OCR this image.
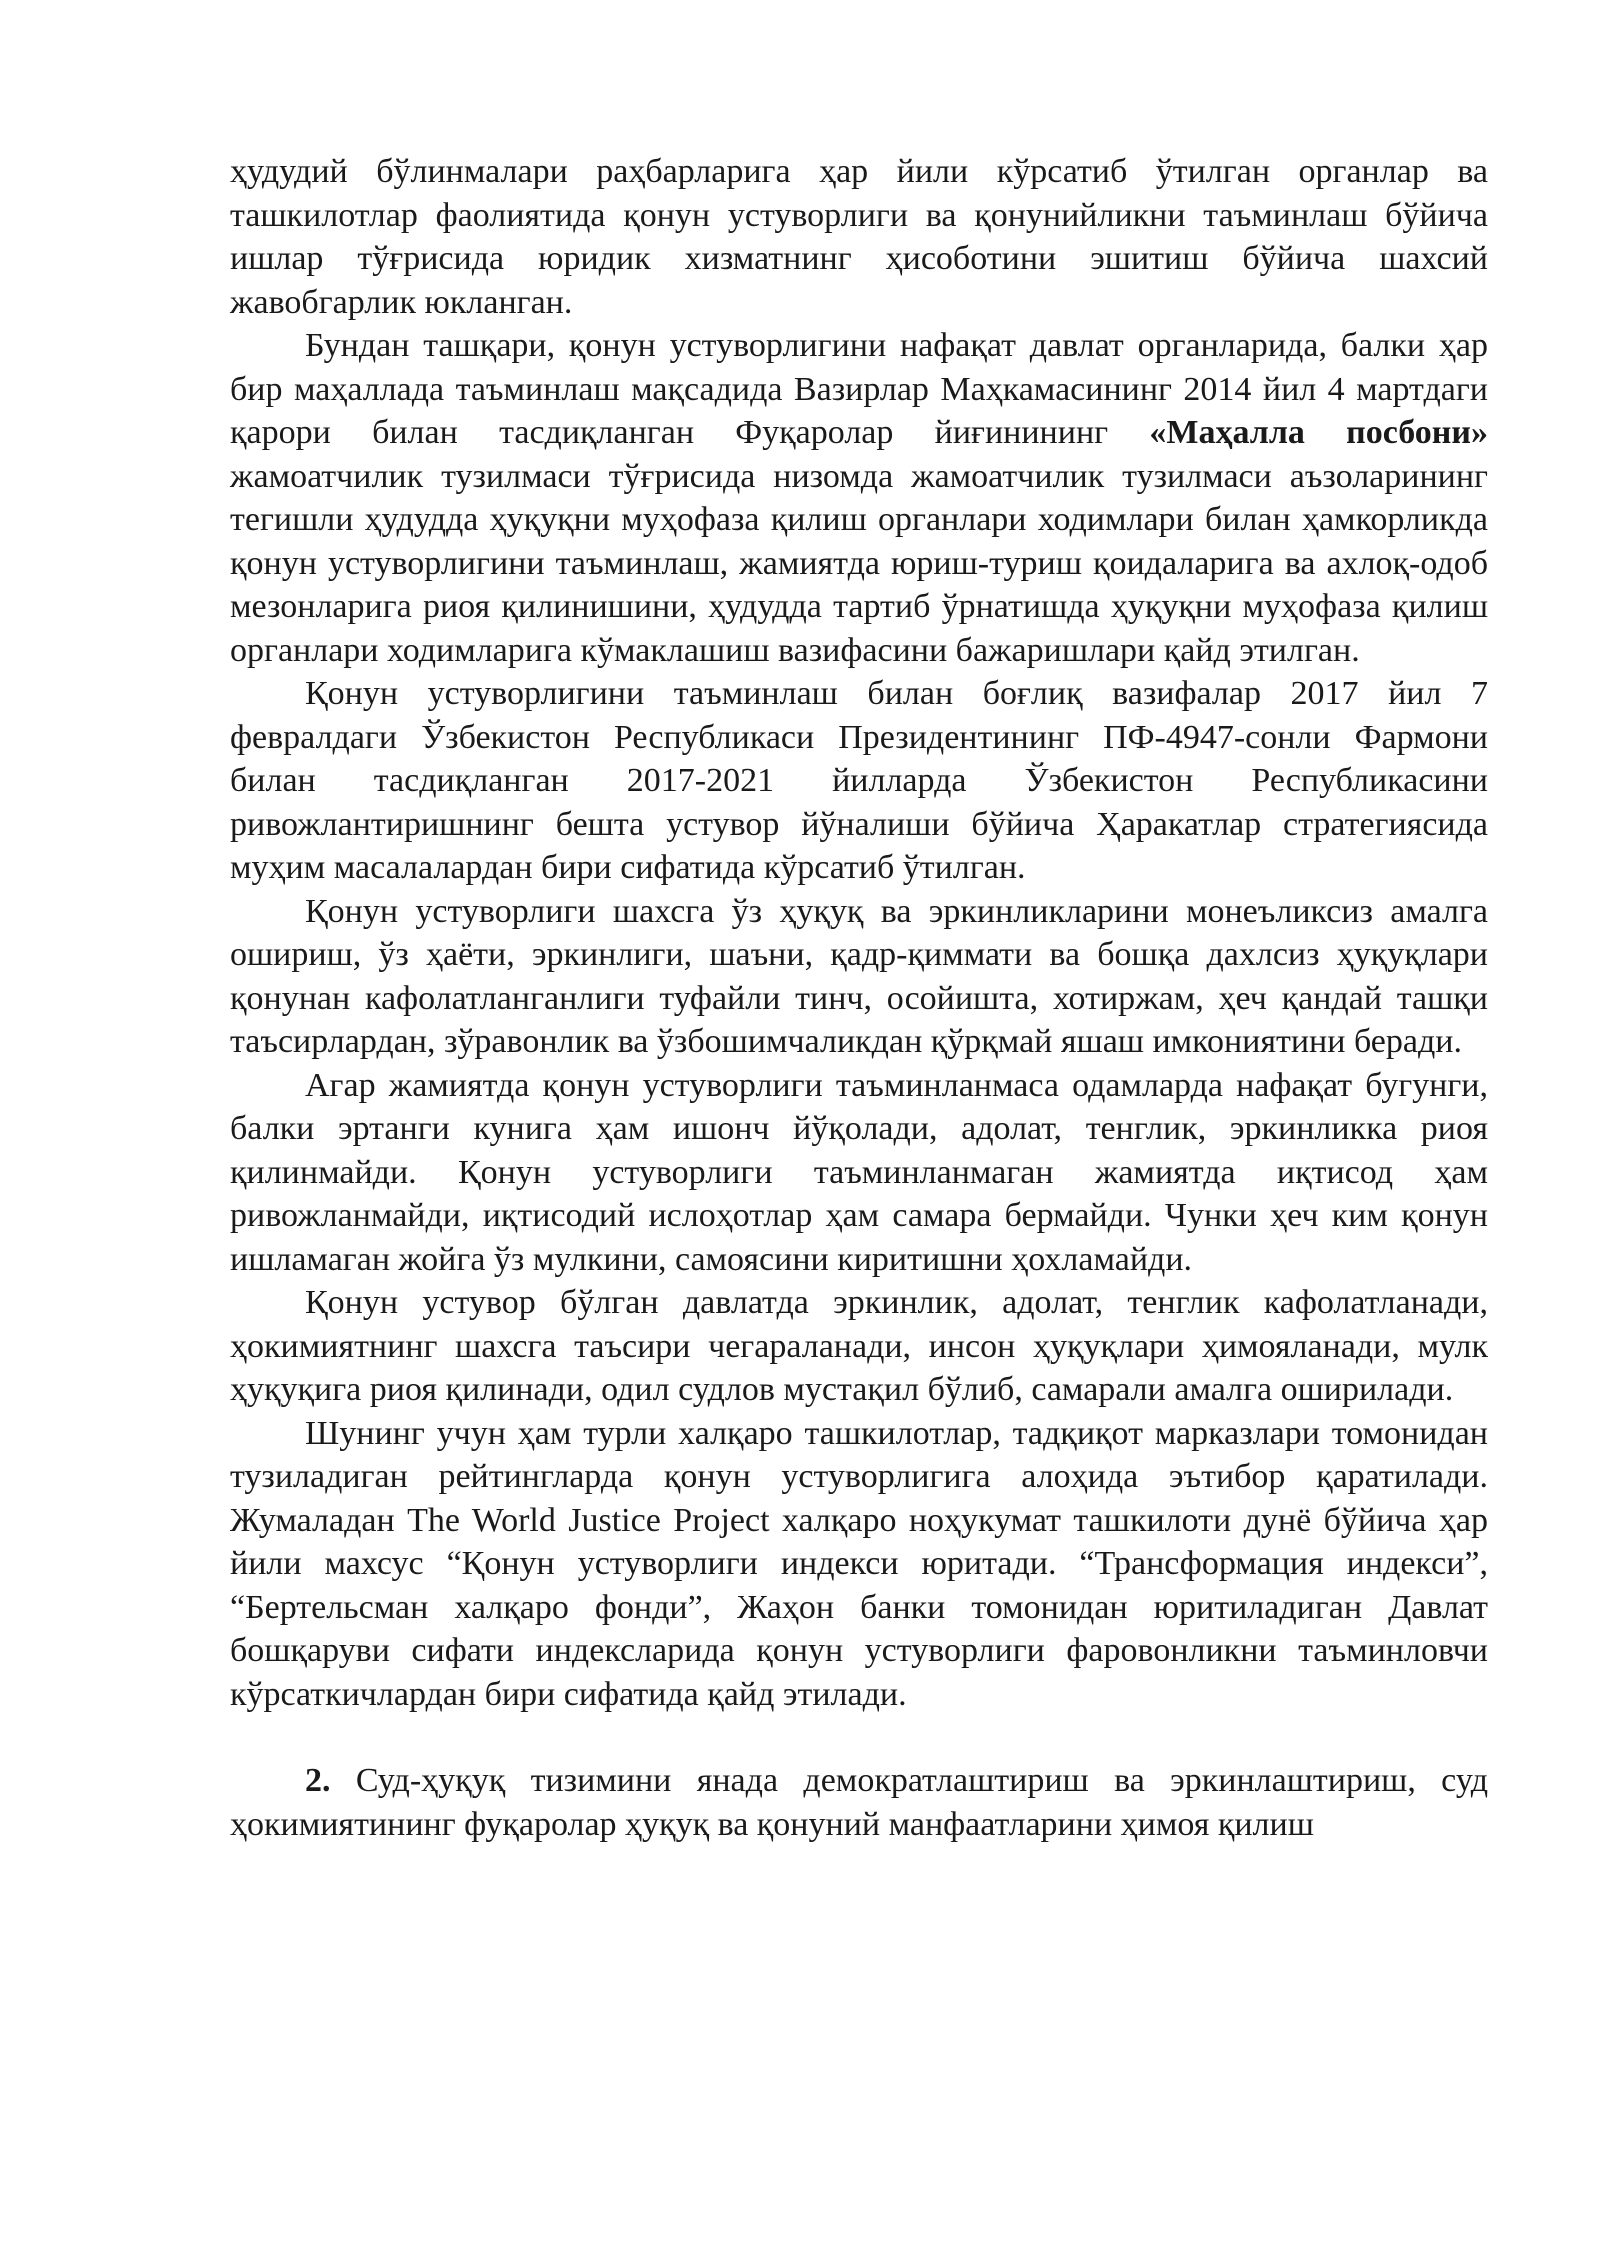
ҳудудий бўлинмалари раҳбарларига ҳар йили кўрсатиб ўтилган органлар ва ташкилотлар фаолиятида қонун устуворлиги ва қонунийликни таъминлаш бўйича ишлар тўғрисида юридик хизматнинг ҳисоботини эшитиш бўйича шахсий жавобгарлик юкланган.

Бундан ташқари, қонун устуворлигини нафақат давлат органларида, балки ҳар бир маҳаллада таъминлаш мақсадида Вазирлар Маҳкамасининг 2014 йил 4 мартдаги қарори билан тасдиқланган Фуқаролар йиғинининг «Маҳалла посбони» жамоатчилик тузилмаси тўғрисида низомда жамоатчилик тузилмаси аъзоларининг тегишли ҳудудда ҳуқуқни муҳофаза қилиш органлари ходимлари билан ҳамкорликда қонун устуворлигини таъминлаш, жамиятда юриш-туриш қоидаларига ва ахлоқ-одоб мезонларига риоя қилинишини, ҳудудда тартиб ўрнатишда ҳуқуқни муҳофаза қилиш органлари ходимларига кўмаклашиш вазифасини бажаришлари қайд этилган.

Қонун устуворлигини таъминлаш билан боғлиқ вазифалар 2017 йил 7 февралдаги Ўзбекистон Республикаси Президентининг ПФ-4947-сонли Фармони билан тасдиқланган 2017-2021 йилларда Ўзбекистон Республикасини ривожлантиришнинг бешта устувор йўналиши бўйича Ҳаракатлар стратегиясида муҳим масалалардан бири сифатида кўрсатиб ўтилган.

Қонун устуворлиги шахсга ўз ҳуқуқ ва эркинликларини монеъликсиз амалга ошириш, ўз ҳаёти, эркинлиги, шаъни, қадр-қиммати ва бошқа дахлсиз ҳуқуқлари қонунан кафолатланганлиги туфайли тинч, осойишта, хотиржам, ҳеч қандай ташқи таъсирлардан, зўравонлик ва ўзбошимчаликдан қўрқмай яшаш имкониятини беради.

Агар жамиятда қонун устуворлиги таъминланмаса одамларда нафақат бугунги, балки эртанги кунига ҳам ишонч йўқолади, адолат, тенглик, эркинликка риоя қилинмайди. Қонун устуворлиги таъминланмаган жамиятда иқтисод ҳам ривожланмайди, иқтисодий ислоҳотлар ҳам самара бермайди. Чунки ҳеч ким қонун ишламаган жойга ўз мулкини, самоясини киритишни ҳохламайди.

Қонун устувор бўлган давлатда эркинлик, адолат, тенглик кафолатланади, ҳокимиятнинг шахсга таъсири чегараланади, инсон ҳуқуқлари ҳимояланади, мулк ҳуқуқига риоя қилинади, одил судлов мустақил бўлиб, самарали амалга оширилади.

Шунинг учун ҳам турли халқаро ташкилотлар, тадқиқот марказлари томонидан тузиладиган рейтингларда қонун устуворлигига алоҳида эътибор қаратилади. Жумаладан The World Justice Project халқаро ноҳукумат ташкилоти дунё бўйича ҳар йили махсус “Қонун устуворлиги индекси юритади. “Трансформация индекси”, “Бертельсман халқаро фонди”, Жаҳон банки томонидан юритиладиган Давлат бошқаруви сифати индексларида қонун устуворлиги фаровонликни таъминловчи кўрсаткичлардан бири сифатида қайд этилади.

2. Суд-ҳуқуқ тизимини янада демократлаштириш ва эркинлаштириш, суд ҳокимиятининг фуқаролар ҳуқуқ ва қонуний манфаатларини ҳимоя қилиш
